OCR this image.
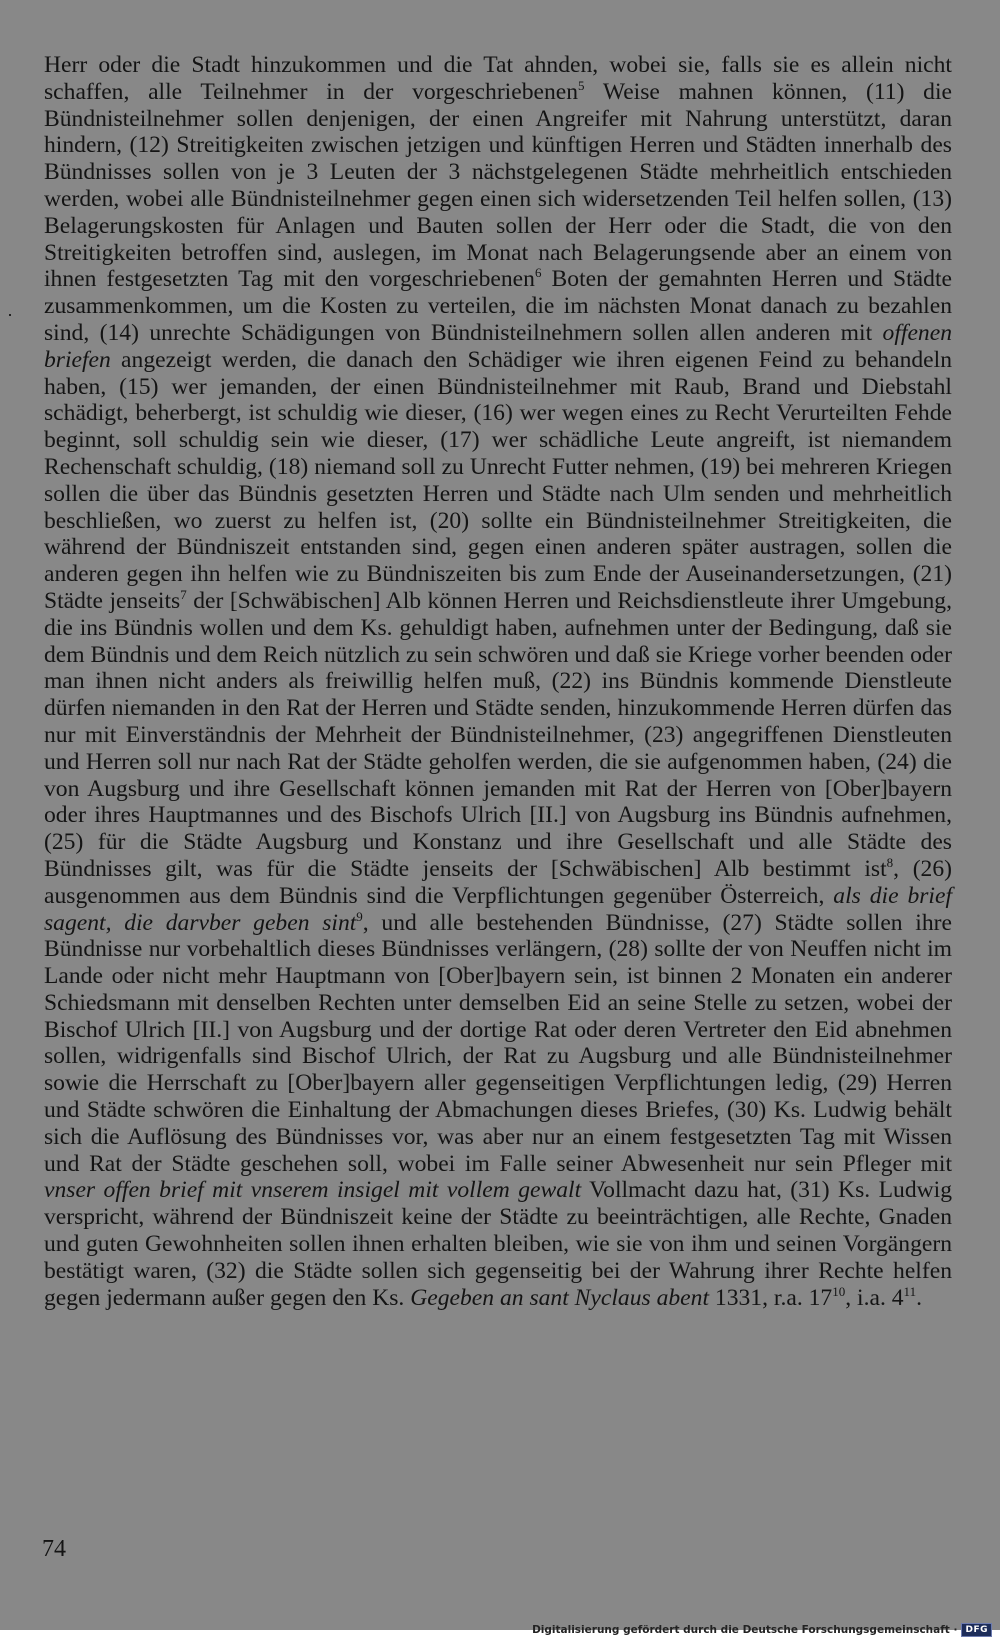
Herr oder die Stadt hinzukommen und die Tat ahnden, wobei sie, falls sie es allein nicht schaffen, alle Teilnehmer in der vorgeschriebenen$^5$ Weise mahnen können, (11) die Bündnisteilnehmer sollen denjenigen, der einen Angreifer mit Nahrung unterstützt, daran hindern, (12) Streitigkeiten zwischen jetzigen und künftigen Herren und Städten innerhalb des Bündnisses sollen von je 3 Leuten der 3 nächstgelegenen Städte mehrheitlich entschieden werden, wobei alle Bündnisteilnehmer gegen einen sich widersetzenden Teil helfen sollen, (13) Belagerungskosten für Anlagen und Bauten sollen der Herr oder die Stadt, die von den Streitigkeiten betroffen sind, auslegen, im Monat nach Belagerungsende aber an einem von ihnen festgesetzten Tag mit den vorgeschriebenen$^6$ Boten der gemahnten Herren und Städte zusammenkommen, um die Kosten zu verteilen, die im nächsten Monat danach zu bezahlen sind, (14) unrechte Schädigungen von Bündnisteilnehmern sollen allen anderen mit offenen briefen angezeigt werden, die danach den Schädiger wie ihren eigenen Feind zu behandeln haben, (15) wer jemanden, der einen Bündnisteilnehmer mit Raub, Brand und Diebstahl schädigt, beherbergt, ist schuldig wie dieser, (16) wer wegen eines zu Recht Verurteilten Fehde beginnt, soll schuldig sein wie dieser, (17) wer schädliche Leute angreift, ist niemandem Rechenschaft schuldig, (18) niemand soll zu Unrecht Futter nehmen, (19) bei mehreren Kriegen sollen die über das Bündnis gesetzten Herren und Städte nach Ulm senden und mehrheitlich beschließen, wo zuerst zu helfen ist, (20) sollte ein Bündnisteilnehmer Streitigkeiten, die während der Bündniszeit entstanden sind, gegen einen anderen später austragen, sollen die anderen gegen ihn helfen wie zu Bündniszeiten bis zum Ende der Auseinandersetzungen, (21) Städte jenseits$^7$ der [Schwäbischen] Alb können Herren und Reichsdienstleute ihrer Umgebung, die ins Bündnis wollen und dem Ks. gehuldigt haben, aufnehmen unter der Bedingung, daß sie dem Bündnis und dem Reich nützlich zu sein schwören und daß sie Kriege vorher beenden oder man ihnen nicht anders als freiwillig helfen muß, (22) ins Bündnis kommende Dienstleute dürfen niemanden in den Rat der Herren und Städte senden, hinzukommende Herren dürfen das nur mit Einverständnis der Mehrheit der Bündnisteilnehmer, (23) angegriffenen Dienstleuten und Herren soll nur nach Rat der Städte geholfen werden, die sie aufgenommen haben, (24) die von Augsburg und ihre Gesellschaft können jemanden mit Rat der Herren von [Ober]bayern oder ihres Hauptmannes und des Bischofs Ulrich [II.] von Augsburg ins Bündnis aufnehmen, (25) für die Städte Augsburg und Konstanz und ihre Gesellschaft und alle Städte des Bündnisses gilt, was für die Städte jenseits der [Schwäbischen] Alb bestimmt ist$^8$, (26) ausgenommen aus dem Bündnis sind die Verpflichtungen gegenüber Österreich, als die brief sagent, die darvber geben sint$^9$, und alle bestehenden Bündnisse, (27) Städte sollen ihre Bündnisse nur vorbehaltlich dieses Bündnisses verlängern, (28) sollte der von Neuffen nicht im Lande oder nicht mehr Hauptmann von [Ober]bayern sein, ist binnen 2 Monaten ein anderer Schiedsmann mit denselben Rechten unter demselben Eid an seine Stelle zu setzen, wobei der Bischof Ulrich [II.] von Augsburg und der dortige Rat oder deren Vertreter den Eid abnehmen sollen, widrigenfalls sind Bischof Ulrich, der Rat zu Augsburg und alle Bündnisteilnehmer sowie die Herrschaft zu [Ober]bayern aller gegenseitigen Verpflichtungen ledig, (29) Herren und Städte schwören die Einhaltung der Abmachungen dieses Briefes, (30) Ks. Ludwig behält sich die Auflösung des Bündnisses vor, was aber nur an einem festgesetzten Tag mit Wissen und Rat der Städte geschehen soll, wobei im Falle seiner Abwesenheit nur sein Pfleger mit vnser offen brief mit vnserem insigel mit vollem gewalt Vollmacht dazu hat, (31) Ks. Ludwig verspricht, während der Bündniszeit keine der Städte zu beeinträchtigen, alle Rechte, Gnaden und guten Gewohnheiten sollen ihnen erhalten bleiben, wie sie von ihm und seinen Vorgängern bestätigt waren, (32) die Städte sollen sich gegenseitig bei der Wahrung ihrer Rechte helfen gegen jedermann außer gegen den Ks. Gegeben an sant Nyclaus abent 1331, r.a. $17^{10}$, i.a. $4^{11}$.

74
Digitalisierung gefördert durch die Deutsche Forschungsgemeinschaft · DFG
